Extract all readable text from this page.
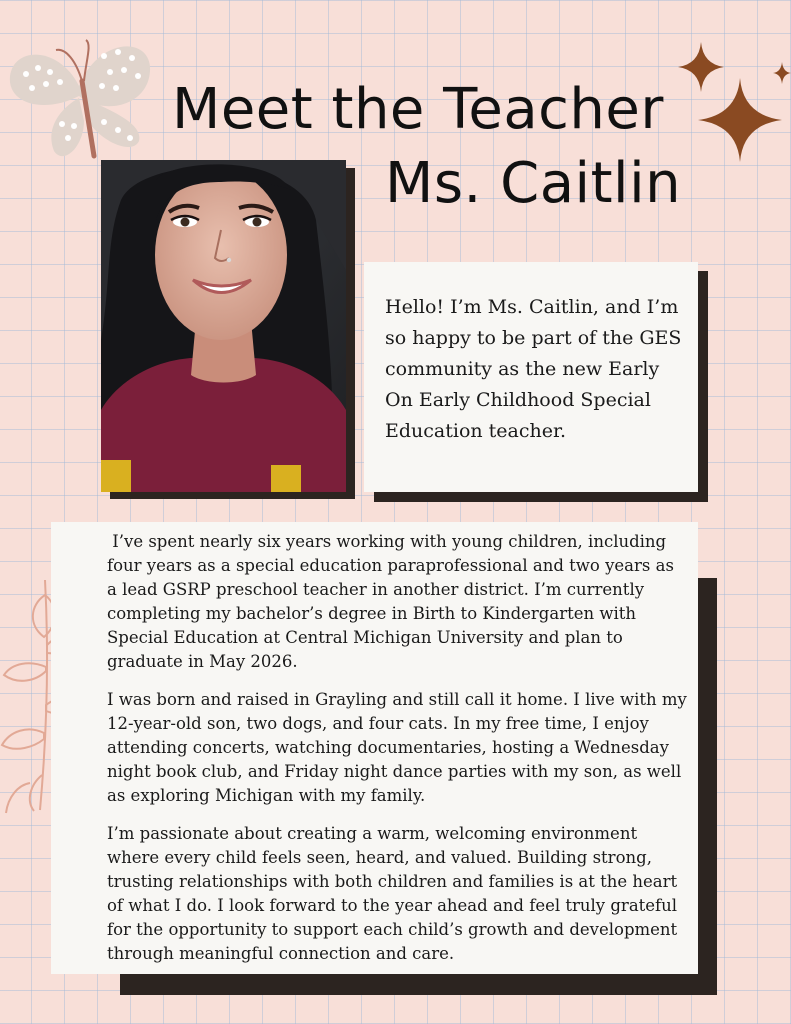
Meet the Teacher
Ms. Caitlin
Hello! I’m Ms. Caitlin, and I’m so happy to be part of the GES community as the new Early On Early Childhood Special Education teacher.

I’ve spent nearly six years working with young children, including four years as a special education paraprofessional and two years as a lead GSRP preschool teacher in another district. I’m currently completing my bachelor’s degree in Birth to Kindergarten with Special Education at Central Michigan University and plan to graduate in May 2026.

I was born and raised in Grayling and still call it home. I live with my 12-year-old son, two dogs, and four cats. In my free time, I enjoy attending concerts, watching documentaries, hosting a Wednesday night book club, and Friday night dance parties with my son, as well as exploring Michigan with my family.

I’m passionate about creating a warm, welcoming environment where every child feels seen, heard, and valued. Building strong, trusting relationships with both children and families is at the heart of what I do. I look forward to the year ahead and feel truly grateful for the opportunity to support each child’s growth and development through meaningful connection and care.
